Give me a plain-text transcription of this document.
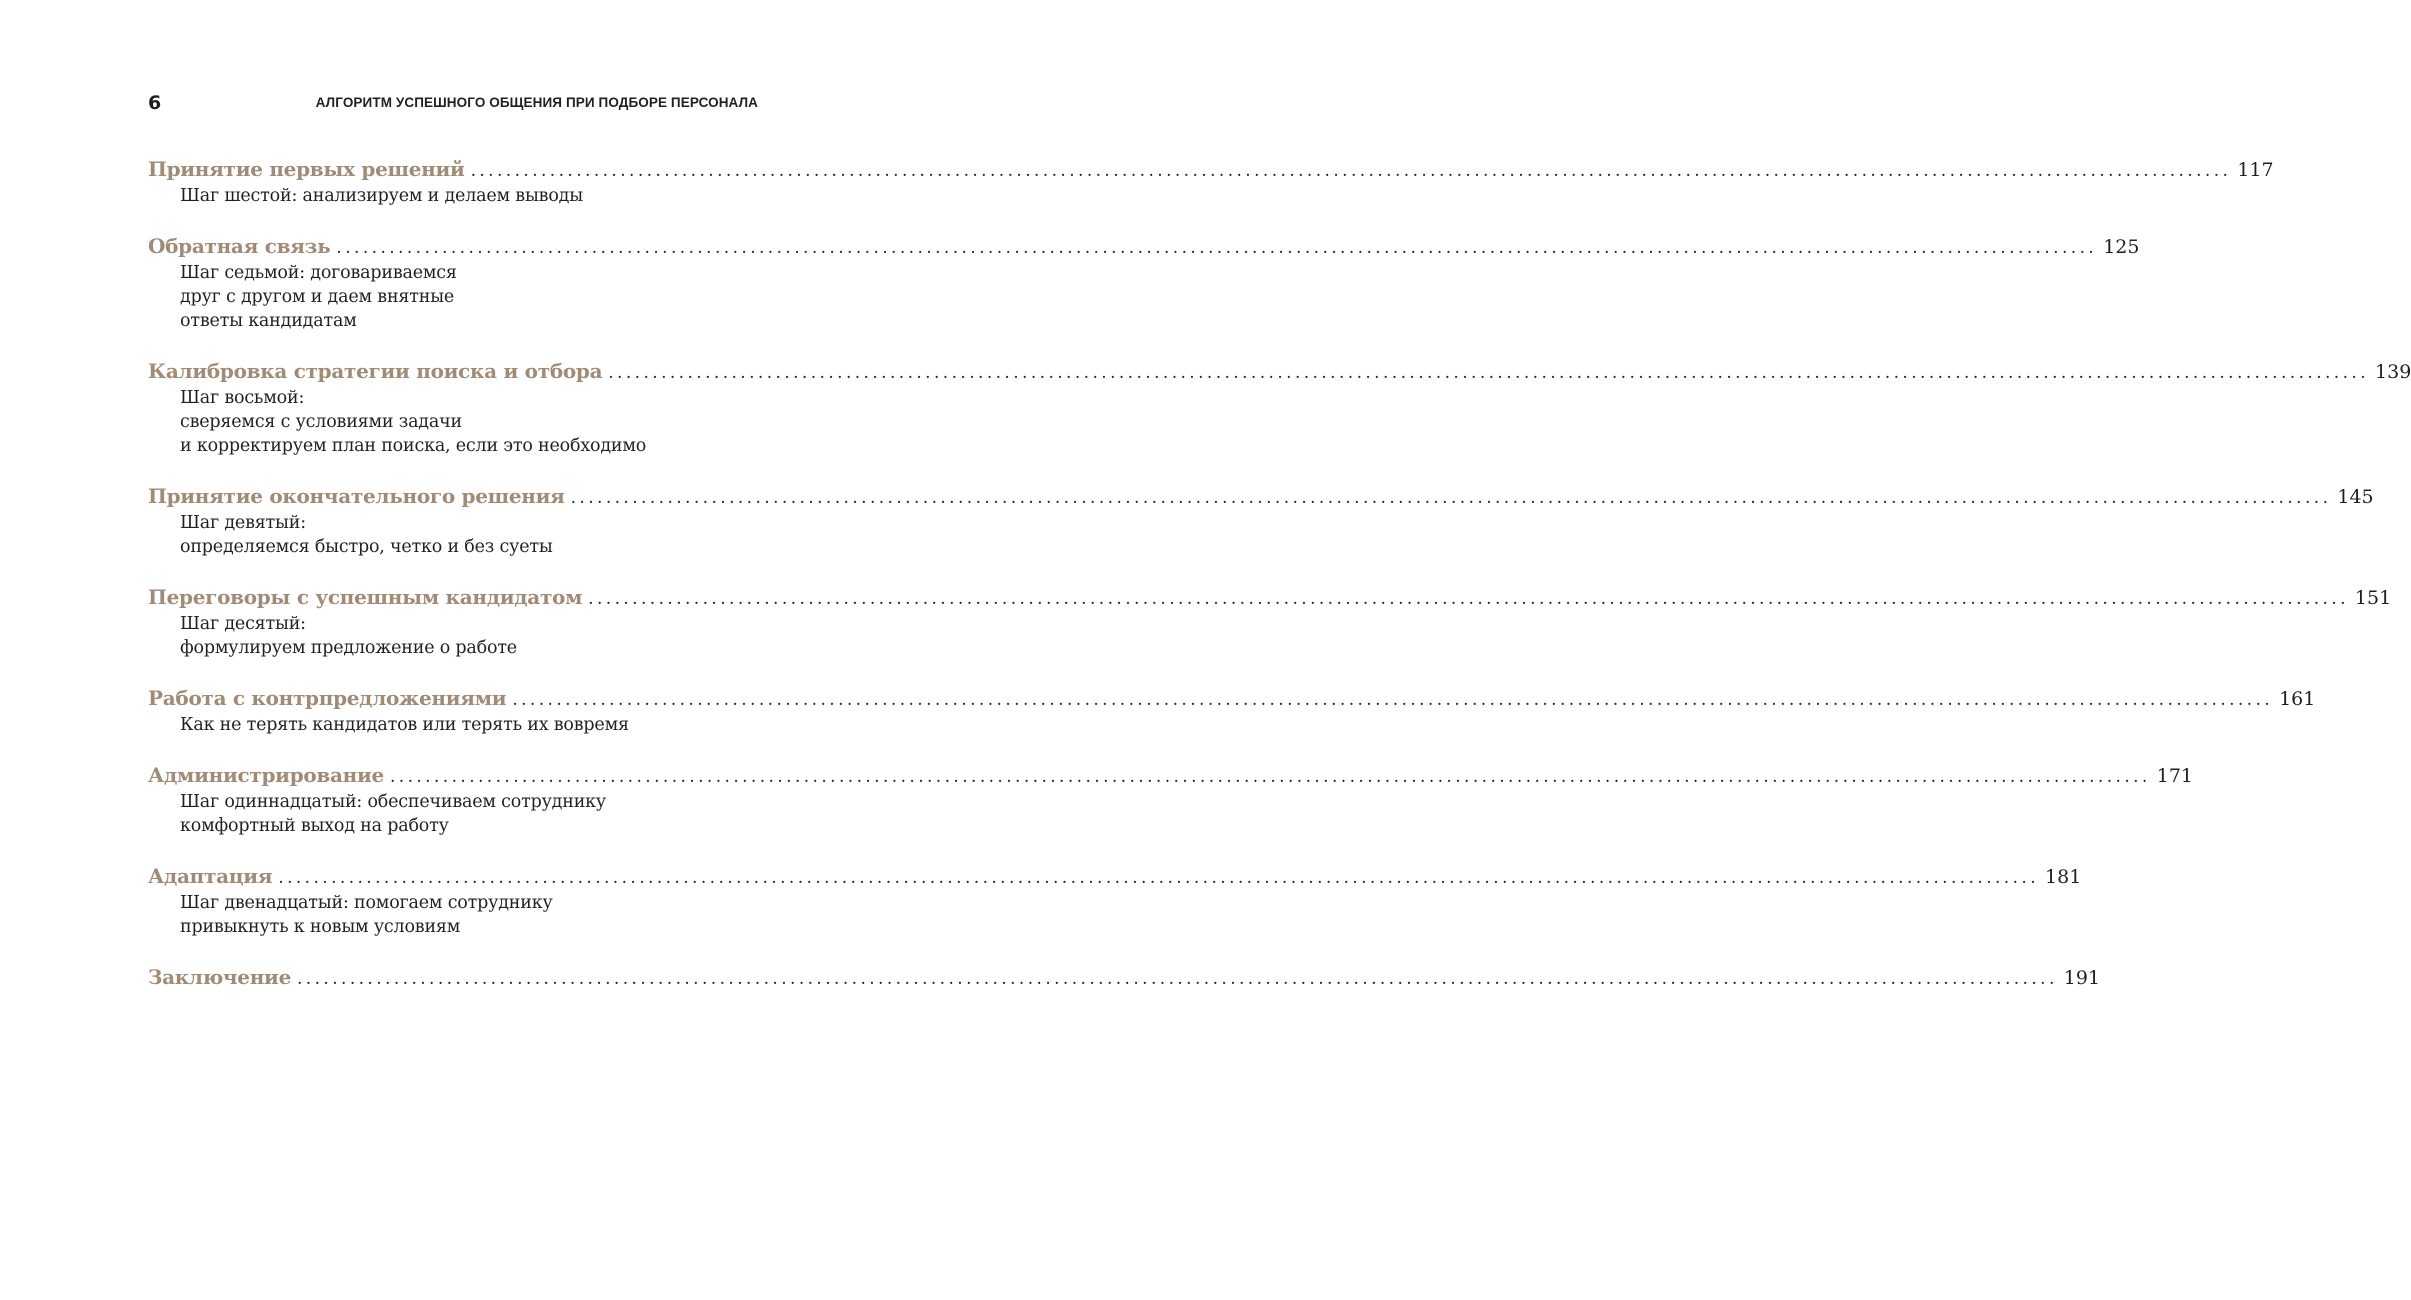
6	АЛГОРИТМ УСПЕШНОГО ОБЩЕНИЯ ПРИ ПОДБОРЕ ПЕРСОНАЛА
Принятие первых решений ........................................................................................................................................................................................................ 117
Шаг шестой: анализируем и делаем выводы
Обратная связь ........................................................................................................................................................................................................ 125
Шаг седьмой: договариваемся
друг с другом и даем внятные
ответы кандидатам
Калибровка стратегии поиска и отбора ........................................................................................................................................................................................................ 139
Шаг восьмой:
сверяемся с условиями задачи
и корректируем план поиска, если это необходимо
Принятие окончательного решения ........................................................................................................................................................................................................ 145
Шаг девятый:
определяемся быстро, четко и без суеты
Переговоры с успешным кандидатом ........................................................................................................................................................................................................ 151
Шаг десятый:
формулируем предложение о работе
Работа с контрпредложениями ........................................................................................................................................................................................................ 161
Как не терять кандидатов или терять их вовремя
Администрирование ........................................................................................................................................................................................................ 171
Шаг одиннадцатый: обеспечиваем сотруднику
комфортный выход на работу
Адаптация ........................................................................................................................................................................................................ 181
Шаг двенадцатый: помогаем сотруднику
привыкнуть к новым условиям
Заключение ........................................................................................................................................................................................................ 191
